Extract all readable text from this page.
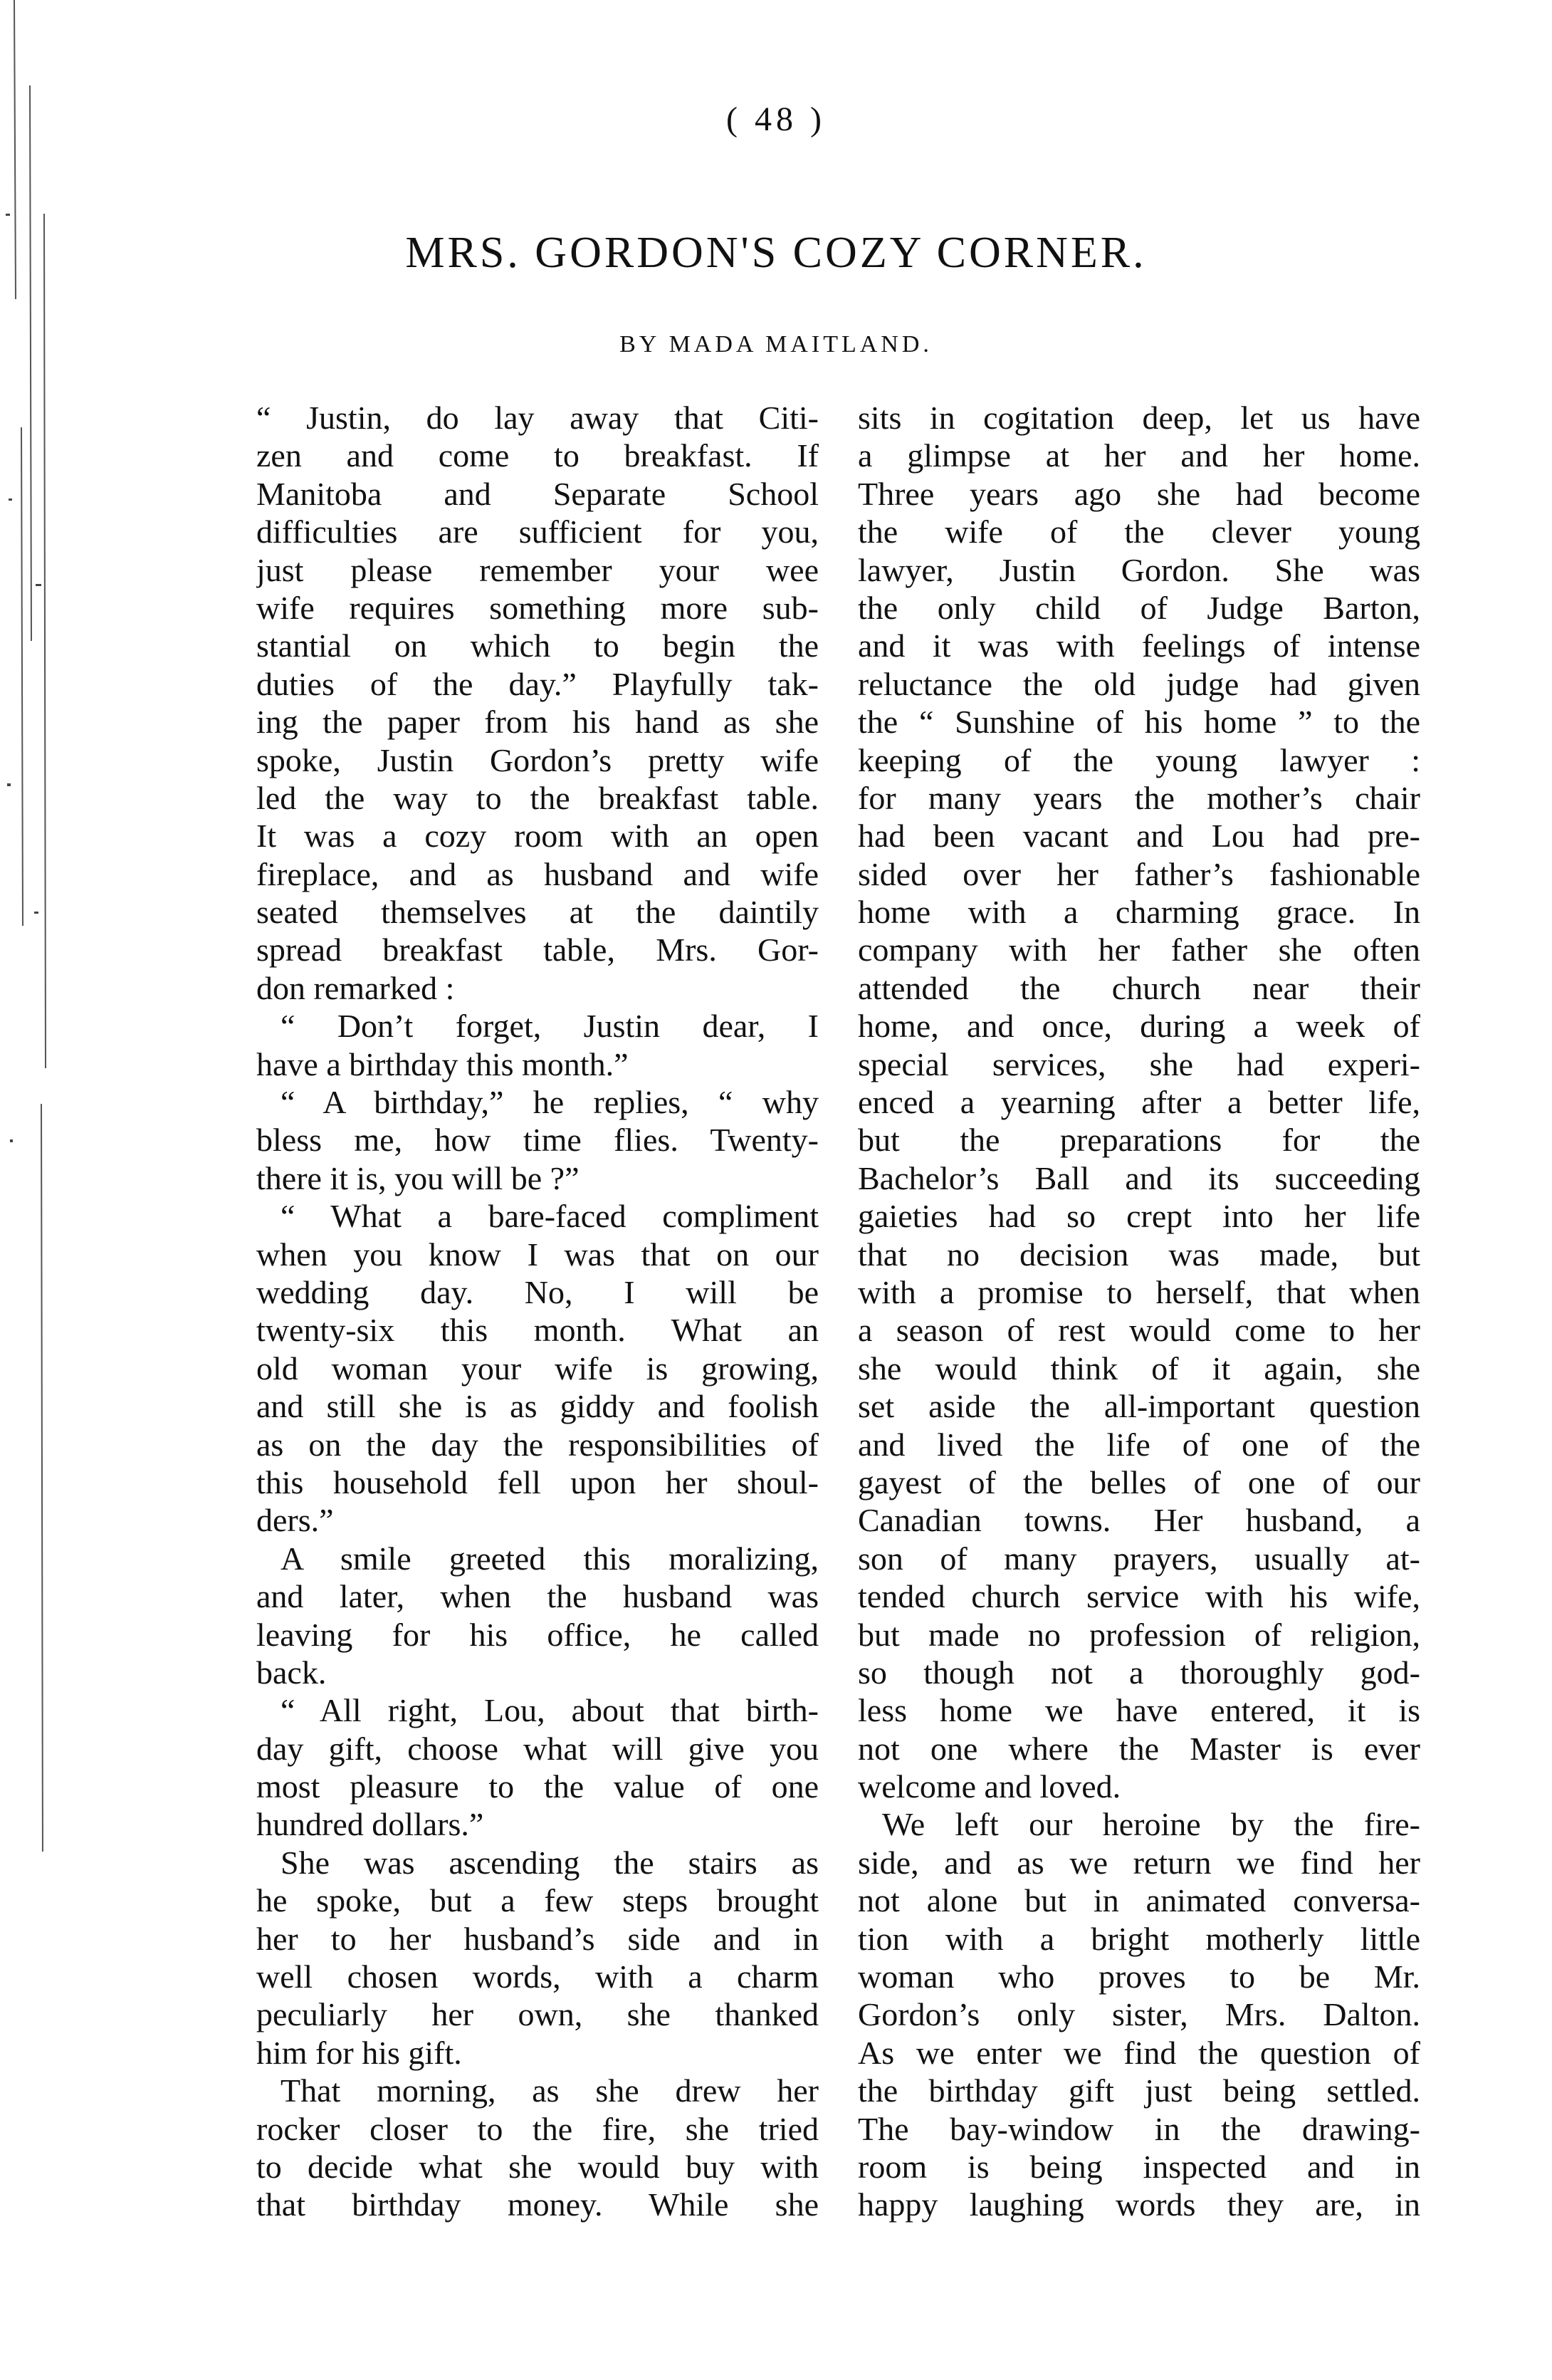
( 48 )
MRS. GORDON'S COZY CORNER.
BY MADA MAITLAND.
“ Justin, do lay away that Citi-
zen and come to breakfast. If
Manitoba and Separate School
difficulties are sufficient for you,
just please remember your wee
wife requires something more sub-
stantial on which to begin the
duties of the day.” Playfully tak-
ing the paper from his hand as she
spoke, Justin Gordon’s pretty wife
led the way to the breakfast table.
It was a cozy room with an open
fireplace, and as husband and wife
seated themselves at the daintily
spread breakfast table, Mrs. Gor-
don remarked :
“ Don’t forget, Justin dear, I
have a birthday this month.”
“ A birthday,” he replies, “ why
bless me, how time flies. Twenty-
there it is, you will be ?”
“ What a bare-faced compliment
when you know I was that on our
wedding day. No, I will be
twenty-six this month. What an
old woman your wife is growing,
and still she is as giddy and foolish
as on the day the responsibilities of
this household fell upon her shoul-
ders.”
A smile greeted this moralizing,
and later, when the husband was
leaving for his office, he called
back.
“ All right, Lou, about that birth-
day gift, choose what will give you
most pleasure to the value of one
hundred dollars.”
She was ascending the stairs as
he spoke, but a few steps brought
her to her husband’s side and in
well chosen words, with a charm
peculiarly her own, she thanked
him for his gift.
That morning, as she drew her
rocker closer to the fire, she tried
to decide what she would buy with
that birthday money. While she
sits in cogitation deep, let us have
a glimpse at her and her home.
Three years ago she had become
the wife of the clever young
lawyer, Justin Gordon. She was
the only child of Judge Barton,
and it was with feelings of intense
reluctance the old judge had given
the “ Sunshine of his home ” to the
keeping of the young lawyer :
for many years the mother’s chair
had been vacant and Lou had pre-
sided over her father’s fashionable
home with a charming grace. In
company with her father she often
attended the church near their
home, and once, during a week of
special services, she had experi-
enced a yearning after a better life,
but the preparations for the
Bachelor’s Ball and its succeeding
gaieties had so crept into her life
that no decision was made, but
with a promise to herself, that when
a season of rest would come to her
she would think of it again, she
set aside the all-important question
and lived the life of one of the
gayest of the belles of one of our
Canadian towns. Her husband, a
son of many prayers, usually at-
tended church service with his wife,
but made no profession of religion,
so though not a thoroughly god-
less home we have entered, it is
not one where the Master is ever
welcome and loved.
We left our heroine by the fire-
side, and as we return we find her
not alone but in animated conversa-
tion with a bright motherly little
woman who proves to be Mr.
Gordon’s only sister, Mrs. Dalton.
As we enter we find the question of
the birthday gift just being settled.
The bay-window in the drawing-
room is being inspected and in
happy laughing words they are, in
